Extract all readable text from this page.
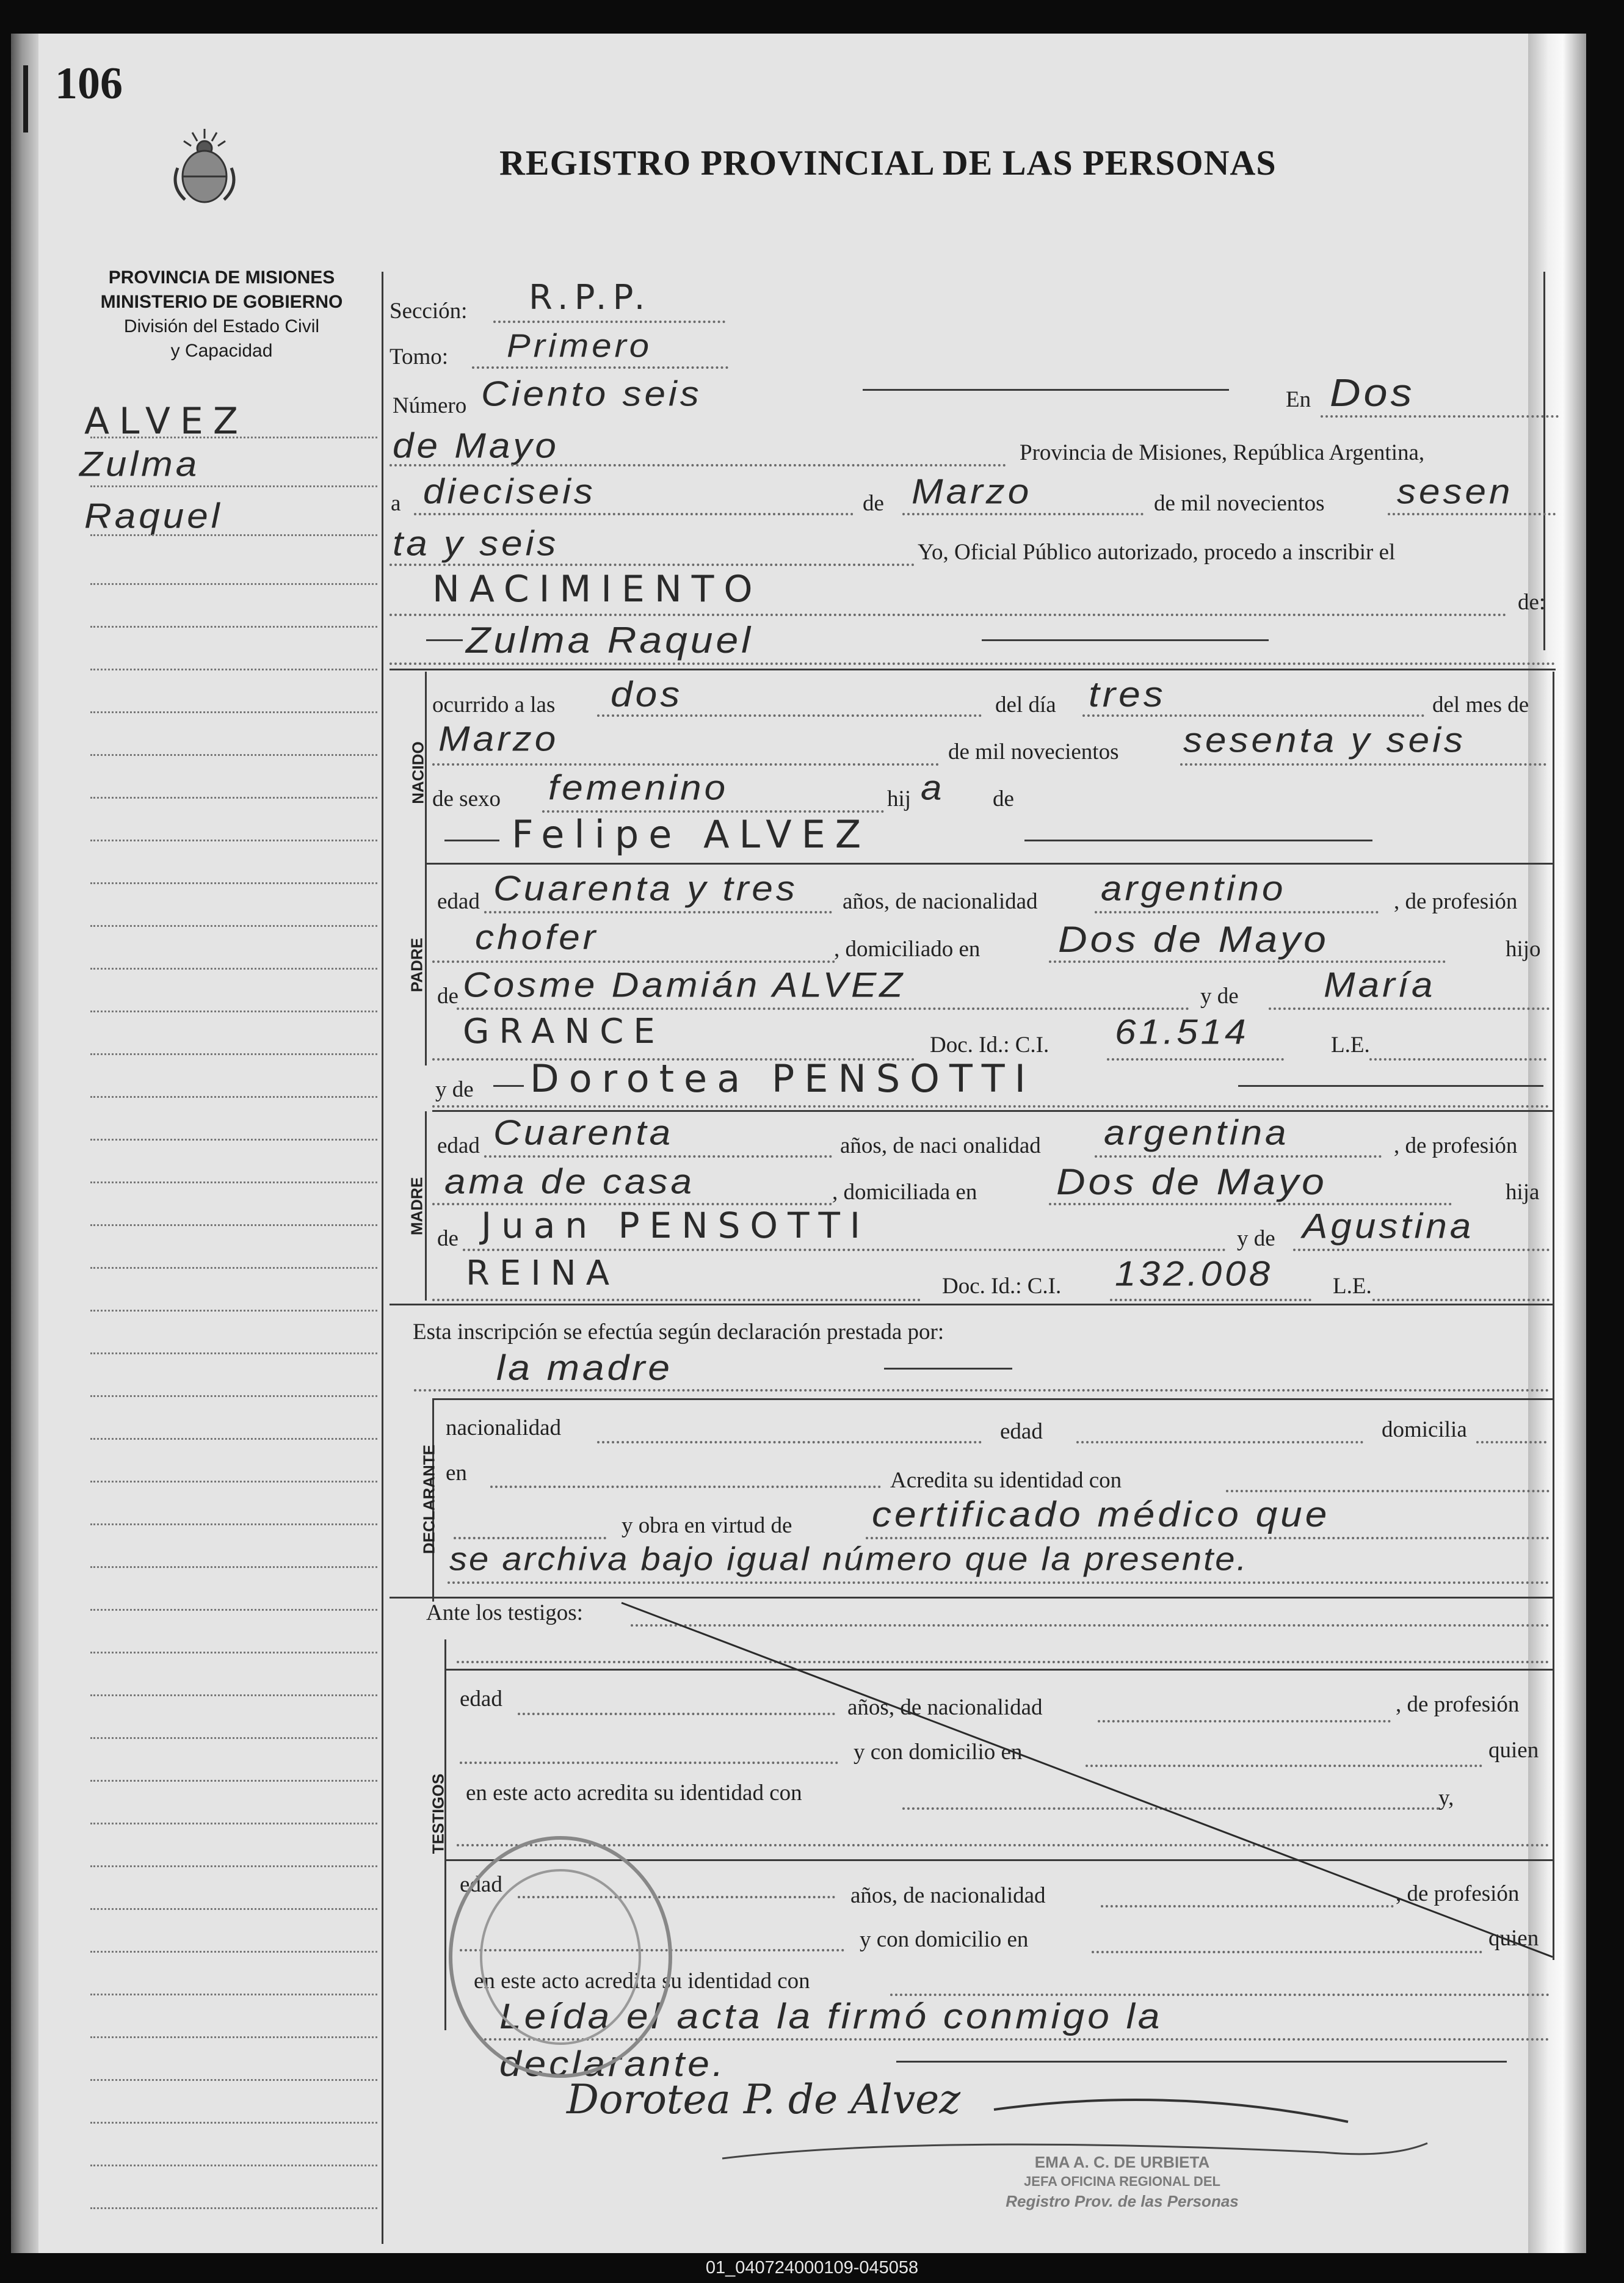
106
REGISTRO PROVINCIAL DE LAS PERSONAS
PROVINCIA DE MISIONES
MINISTERIO DE GOBIERNO
División del Estado Civil
y Capacidad
ALVEZ
Zulma
Raquel
Sección: R.P.P.
Tomo: Primero
Número Ciento seis	En Dos
de Mayo	Provincia de Misiones, República Argentina,
a dieciseis	de Marzo	de mil novecientos sesen
ta y seis	Yo, Oficial Público autorizado, procedo a inscribir el
NACIMIENTO	de:
Zulma Raquel
NACIDO
ocurrido a las dos	del día tres	del mes de
Marzo	de mil novecientos sesenta y seis
de sexo femenino	hij a de
Felipe ALVEZ
PADRE
edad Cuarenta y tres años, de nacionalidad argentino	, de profesión
chofer	, domiciliado en Dos de Mayo	hijo
de Cosme Damián ALVEZ	y de María
GRANCE	Doc. Id.: C.I. 61.514	L.E.
y de Dorotea PENSOTTI
MADRE
edad Cuarenta	años, de naci onalidad argentina	, de profesión
ama de casa	, domiciliada en Dos de Mayo	hija
de Juan PENSOTTI	y de Agustina
REINA	Doc. Id.: C.I. 132.008	L.E.
Esta inscripción se efectúa según declaración prestada por:
la madre
DECLARANTE
nacionalidad	edad	domicilia
en	Acredita su identidad con
y obra en virtud de certificado médico que
se archiva bajo igual número que la presente.
Ante los testigos:
TESTIGOS
edad	años, de nacionalidad	, de profesión
y con domicilio en	quien
en este acto acredita su identidad con	y,
edad	años, de nacionalidad	, de profesión
y con domicilio en	quien
en este acto acredita su identidad con
Leída el acta la firmó conmigo la
declarante.
Dorotea P. de Alvez
EMA A. C. DE URBIETA
JEFA OFICINA REGIONAL DEL
Registro Prov. de las Personas
01_040724000109-045058
